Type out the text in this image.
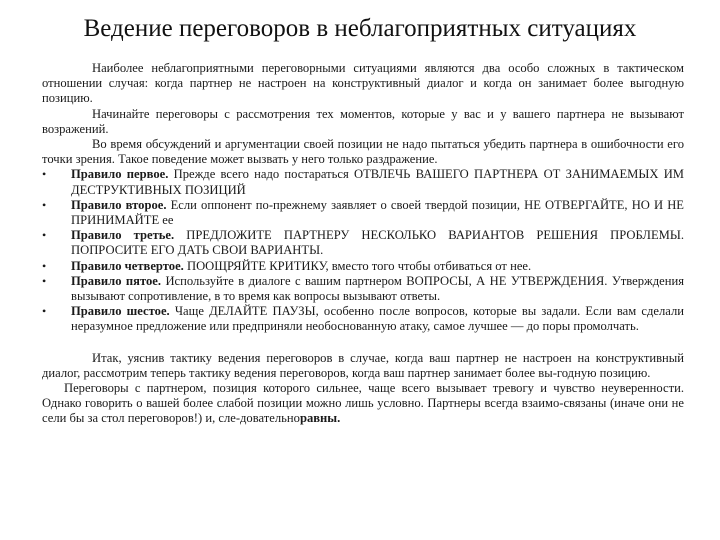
Ведение переговоров в неблагоприятных ситуациях

Наиболее неблагоприятными переговорными ситуациями являются два особо сложных в тактическом отношении случая: когда партнер не настроен на конструктивный диалог и когда он занимает более выгодную позицию.

Начинайте переговоры с рассмотрения тех моментов, которые у вас и у вашего партнера не вызывают возражений.

Во время обсуждений и аргументации своей позиции не надо пытаться убедить партнера в ошибочности его точки зрения. Такое поведение может вызвать у него только раздражение.

• Правило первое. Прежде всего надо постараться ОТВЛЕЧЬ ВАШЕГО ПАРТНЕРА ОТ ЗАНИМАЕМЫХ ИМ ДЕСТРУКТИВНЫХ ПОЗИЦИЙ
• Правило второе. Если оппонент по-прежнему заявляет о своей твердой позиции, НЕ ОТВЕРГАЙТЕ, НО И НЕ ПРИНИМАЙТЕ ее
• Правило третье. ПРЕДЛОЖИТЕ ПАРТНЕРУ НЕСКОЛЬКО ВАРИАНТОВ РЕШЕНИЯ ПРОБЛЕМЫ. ПОПРОСИТЕ ЕГО ДАТЬ СВОИ ВАРИАНТЫ.
• Правило четвертое. ПООЩРЯЙТЕ КРИТИКУ, вместо того чтобы отбиваться от нее.
• Правило пятое. Используйте в диалоге с вашим партнером ВОПРОСЫ, А НЕ УТВЕРЖДЕНИЯ. Утверждения вызывают сопротивление, в то время как вопросы вызывают ответы.
• Правило шестое. Чаще ДЕЛАЙТЕ ПАУЗЫ, особенно после вопросов, которые вы задали. Если вам сделали неразумное предложение или предприняли необоснованную атаку, самое лучшее — до поры промолчать.

Итак, уяснив тактику ведения переговоров в случае, когда ваш партнер не настроен на конструктивный диалог, рассмотрим теперь тактику ведения переговоров, когда ваш партнер занимает более вы-годную позицию.

Переговоры с партнером, позиция которого сильнее, чаще всего вызывает тревогу и чувство неуверенности. Однако говорить о вашей более слабой позиции можно лишь условно. Партнеры всегда взаимо-связаны (иначе они не сели бы за стол переговоров!) и, сле-довательноравны.
